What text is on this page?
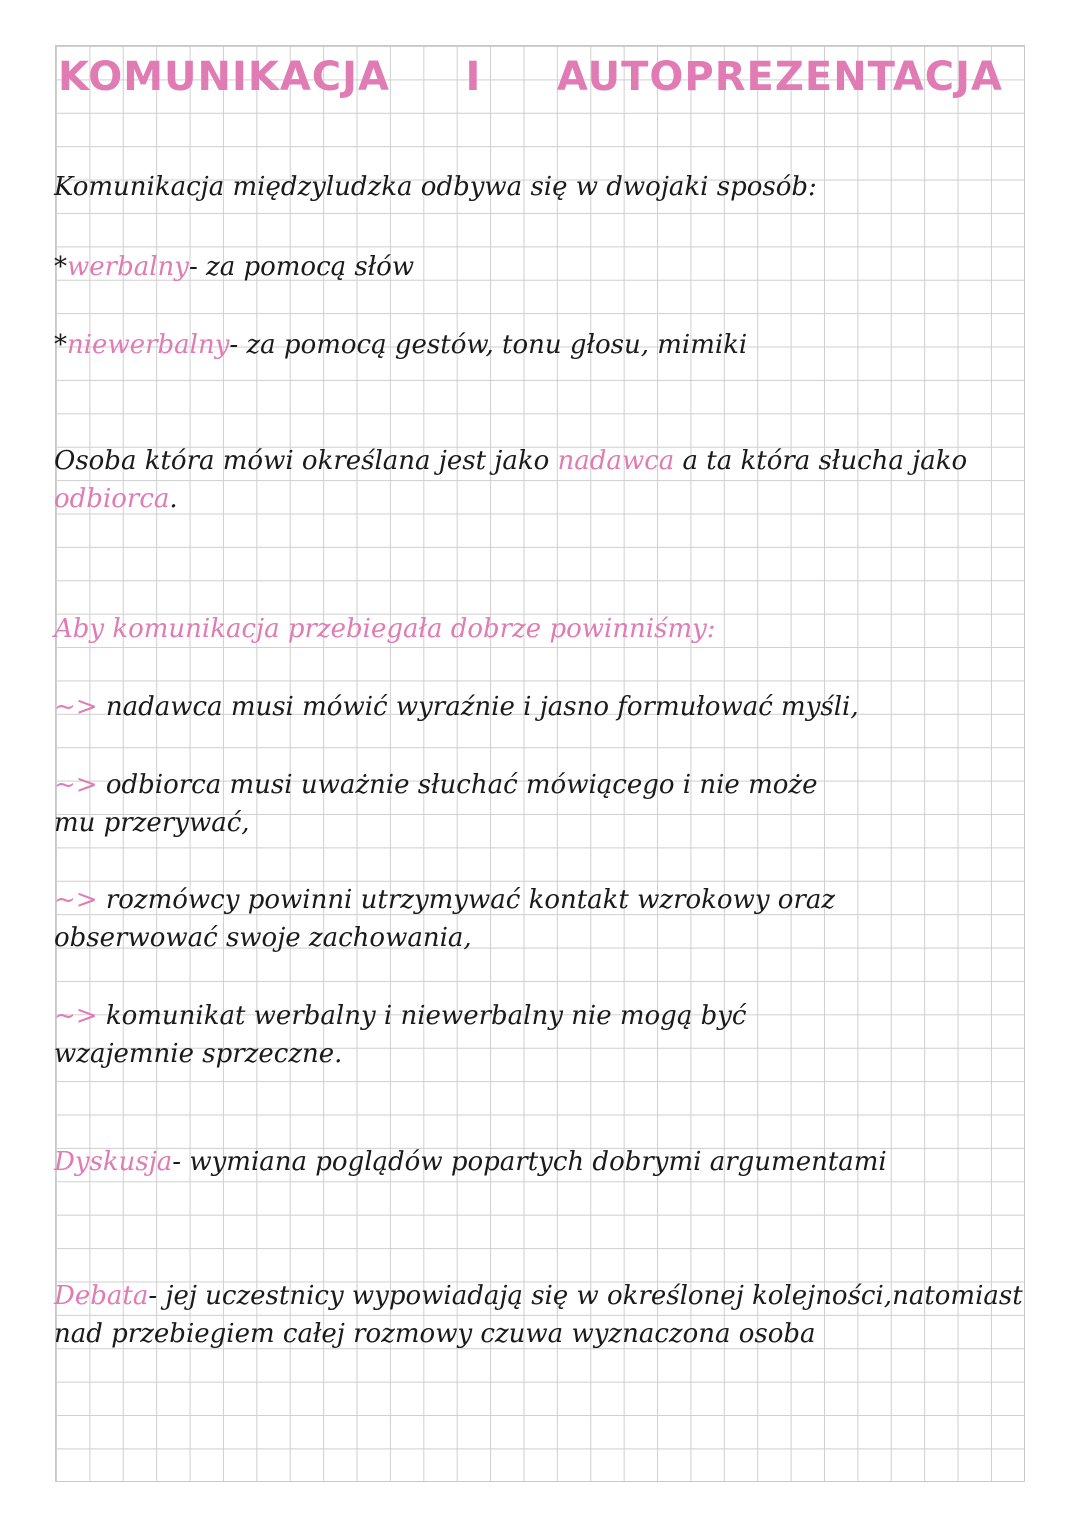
KOMUNIKACJA I AUTOPREZENTACJA
Komunikacja międzyludzka odbywa się w dwojaki sposób:
*werbalny- za pomocą słów
*niewerbalny- za pomocą gestów, tonu głosu, mimiki
Osoba która mówi określana jest jako nadawca a ta która słucha jako
odbiorca.
Aby komunikacja przebiegała dobrze powinniśmy:
~> nadawca musi mówić wyraźnie i jasno formułować myśli,
~> odbiorca musi uważnie słuchać mówiącego i nie może
mu przerywać,
~> rozmówcy powinni utrzymywać kontakt wzrokowy oraz
obserwować swoje zachowania,
~> komunikat werbalny i niewerbalny nie mogą być
wzajemnie sprzeczne.
Dyskusja- wymiana poglądów popartych dobrymi argumentami
Debata- jej uczestnicy wypowiadają się w określonej kolejności,natomiast
nad przebiegiem całej rozmowy czuwa wyznaczona osoba
